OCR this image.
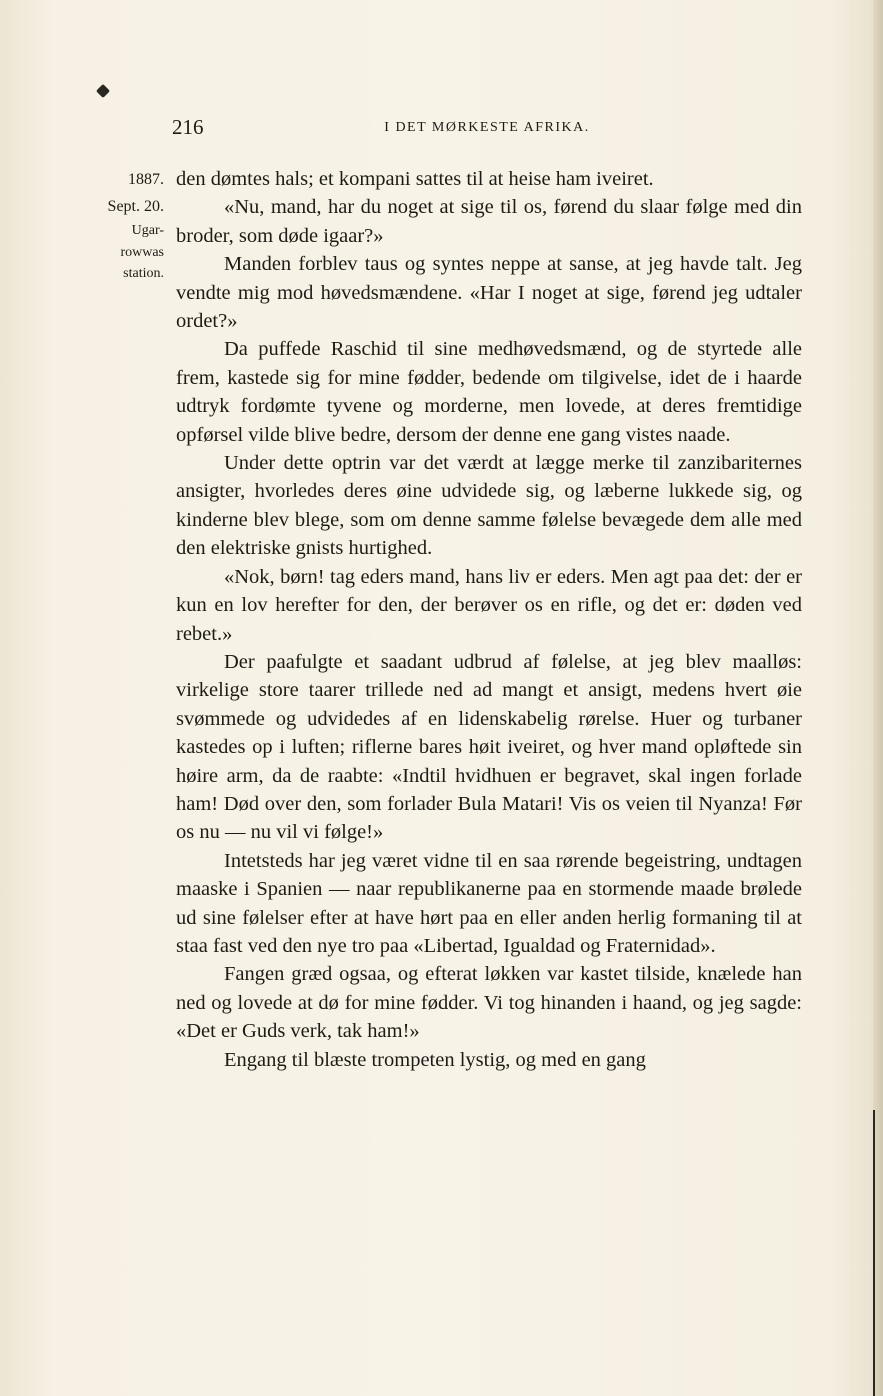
216	I DET MØRKESTE AFRIKA.
1887.
Sept. 20.
Ugar-
rowwas
station.

den dømtes hals; et kompani sattes til at heise ham iveiret.

«Nu, mand, har du noget at sige til os, førend du slaar følge med din broder, som døde igaar?»

Manden forblev taus og syntes neppe at sanse, at jeg havde talt. Jeg vendte mig mod høvedsmændene. «Har I noget at sige, førend jeg udtaler ordet?»

Da puffede Raschid til sine medhøvedsmænd, og de styrtede alle frem, kastede sig for mine fødder, bedende om tilgivelse, idet de i haarde udtryk fordømte tyvene og morderne, men lovede, at deres fremtidige opførsel vilde blive bedre, dersom der denne ene gang vistes naade.

Under dette optrin var det værdt at lægge merke til zanzibariternes ansigter, hvorledes deres øine udvidede sig, og læberne lukkede sig, og kinderne blev blege, som om denne samme følelse bevægede dem alle med den elektriske gnists hurtighed.

«Nok, børn! tag eders mand, hans liv er eders. Men agt paa det: der er kun en lov herefter for den, der berøver os en rifle, og det er: døden ved rebet.»

Der paafulgte et saadant udbrud af følelse, at jeg blev maalløs: virkelige store taarer trillede ned ad mangt et ansigt, medens hvert øie svømmede og udvidedes af en lidenskabelig rørelse. Huer og turbaner kastedes op i luften; riflerne bares høit iveiret, og hver mand opløftede sin høire arm, da de raabte: «Indtil hvidhuen er begravet, skal ingen forlade ham! Død over den, som forlader Bula Matari! Vis os veien til Nyanza! Før os nu — nu vil vi følge!»

Intetsteds har jeg været vidne til en saa rørende begeistring, undtagen maaske i Spanien — naar republikanerne paa en stormende maade brølede ud sine følelser efter at have hørt paa en eller anden herlig formaning til at staa fast ved den nye tro paa «Libertad, Igualdad og Fraternidad».

Fangen græd ogsaa, og efterat løkken var kastet tilside, knælede han ned og lovede at dø for mine fødder. Vi tog hinanden i haand, og jeg sagde: «Det er Guds verk, tak ham!»

Engang til blæste trompeten lystig, og med en gang
